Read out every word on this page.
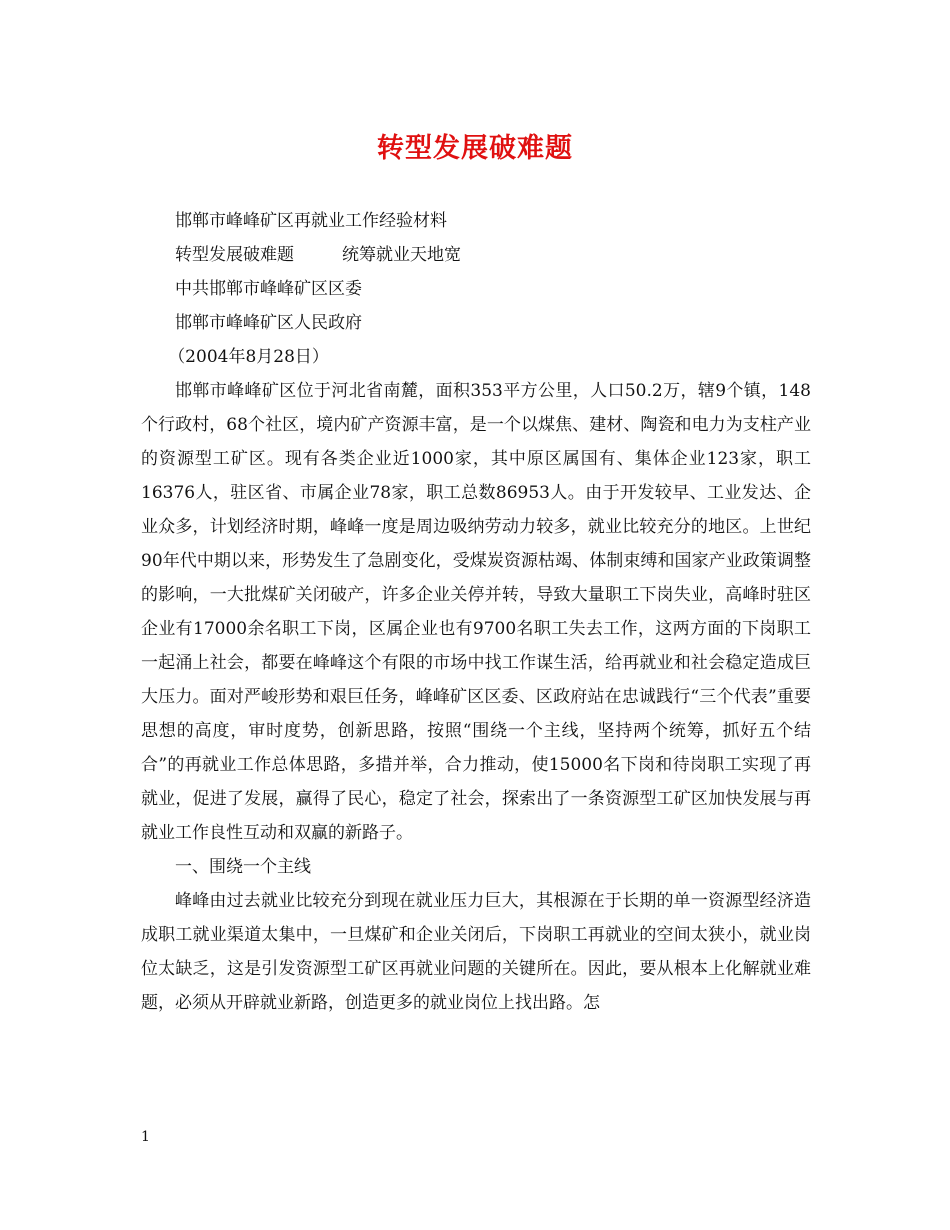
转型发展破难题

邯郸市峰峰矿区再就业工作经验材料

转型发展破难题	统筹就业天地宽

中共邯郸市峰峰矿区区委

邯郸市峰峰矿区人民政府

（2004年8月28日）

邯郸市峰峰矿区位于河北省南麓，面积353平方公里，人口50.2万，辖9个镇，148个行政村，68个社区，境内矿产资源丰富，是一个以煤焦、建材、陶瓷和电力为支柱产业的资源型工矿区。现有各类企业近1000家，其中原区属国有、集体企业123家，职工16376人，驻区省、市属企业78家，职工总数86953人。由于开发较早、工业发达、企业众多，计划经济时期，峰峰一度是周边吸纳劳动力较多，就业比较充分的地区。上世纪90年代中期以来，形势发生了急剧变化，受煤炭资源枯竭、体制束缚和国家产业政策调整的影响，一大批煤矿关闭破产，许多企业关停并转，导致大量职工下岗失业，高峰时驻区企业有17000余名职工下岗，区属企业也有9700名职工失去工作，这两方面的下岗职工一起涌上社会，都要在峰峰这个有限的市场中找工作谋生活，给再就业和社会稳定造成巨大压力。面对严峻形势和艰巨任务，峰峰矿区区委、区政府站在忠诚践行“三个代表”重要思想的高度，审时度势，创新思路，按照“围绕一个主线，坚持两个统筹，抓好五个结合”的再就业工作总体思路，多措并举，合力推动，使15000名下岗和待岗职工实现了再就业，促进了发展，赢得了民心，稳定了社会，探索出了一条资源型工矿区加快发展与再就业工作良性互动和双赢的新路子。

一、围绕一个主线

峰峰由过去就业比较充分到现在就业压力巨大，其根源在于长期的单一资源型经济造成职工就业渠道太集中，一旦煤矿和企业关闭后，下岗职工再就业的空间太狭小，就业岗位太缺乏，这是引发资源型工矿区再就业问题的关键所在。因此，要从根本上化解就业难题，必须从开辟就业新路，创造更多的就业岗位上找出路。怎

1
